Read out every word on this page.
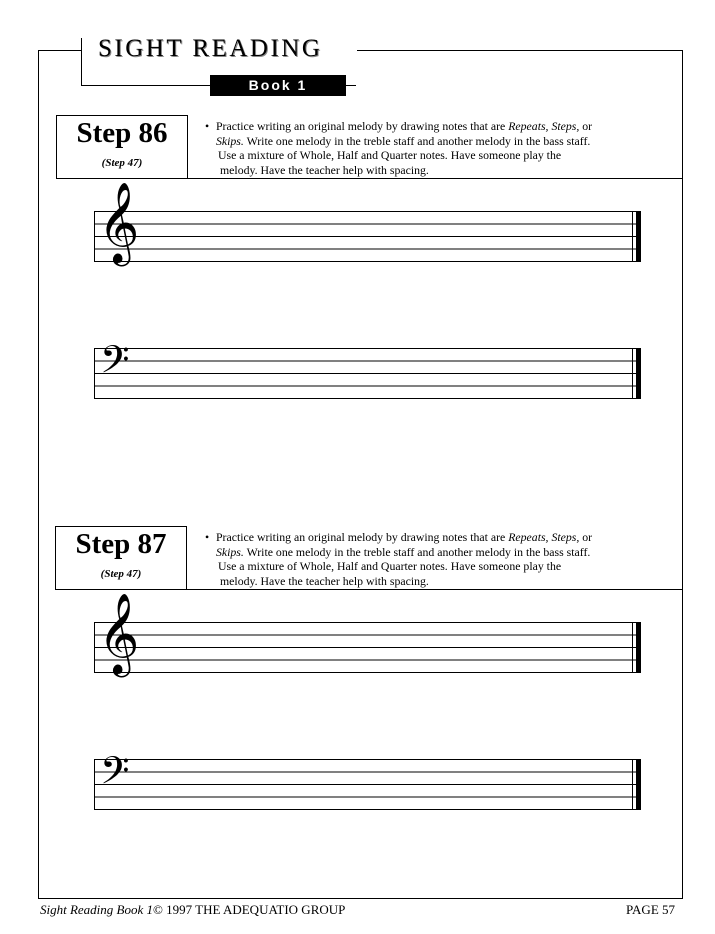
SIGHT READING
Book 1
Step 86
(Step 47)
• Practice writing an original melody by drawing notes that are Repeats, Steps, or
Skips. Write one melody in the treble staff and another melody in the bass staff.
Use a mixture of Whole, Half and Quarter notes. Have someone play the
melody. Have the teacher help with spacing.
𝄞
𝄢
Step 87
(Step 47)
• Practice writing an original melody by drawing notes that are Repeats, Steps, or
Skips. Write one melody in the treble staff and another melody in the bass staff.
Use a mixture of Whole, Half and Quarter notes. Have someone play the
melody. Have the teacher help with spacing.
𝄞
𝄢
Sight Reading Book 1© 1997 THE ADEQUATIO GROUP	PAGE 57
